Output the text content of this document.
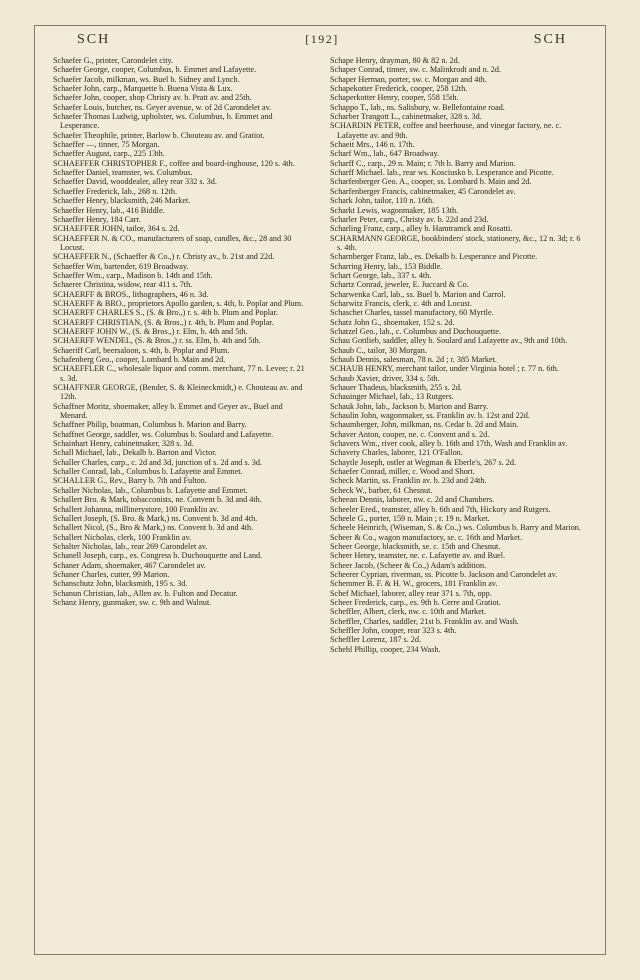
SCH	[192]	SCH

Schaefer G., printer, Carondelet city.

Schaefer George, cooper, Columbus, b. Emmet and Lafayette.

Schaefer Jacob, milkman, ws. Buel b. Sidney and Lynch.

Schaefer John, carp., Marquette b. Buena Vista & Lux.

Schaefer John, cooper, shop Christy av. b. Pratt av. and 25th.

Schaefer Louis, butcher, ns. Geyer avenue, w. of 2d Carondelet av.

Schaefer Thomas Ludwig, upholster, ws. Columbus, b. Emmet and Lesperance.

Schaefer Theophile, printer, Barlow b. Chouteau av. and Gratiot.

Schaeffer —, tinner, 75 Morgan.

Schaeffer August, carp., 225 13th.

SCHAEFFER CHRISTOPHER F., coffee and board-inghouse, 120 s. 4th.

Schaeffer Daniel, teamster, ws. Columbus.

Schaeffer David, wooddealer, alley rear 332 s. 3d.

Schaeffer Frederick, lab., 268 n. 12th.

Schaeffer Henry, blacksmith, 246 Market.

Schaeffer Henry, lab., 416 Biddle.

Schaeffer Henry, 184 Carr.

SCHAEFFER JOHN, tailor, 364 s. 2d.

SCHAEFFER N. & CO., manufacturers of soap, candles, &c., 28 and 30 Locust.

SCHAEFFER N., (Schaeffer & Co.,) r. Christy av., b. 21st and 22d.

Schaeffer Wm, bartender, 619 Broadway.

Schaeffer Wm., carp., Madison b. 14th and 15th.

Schaerer Christina, widow, rear 411 s. 7th.

SCHAERFF & BROS., lithographers, 46 n. 3d.

SCHAERFF & BRO., proprietors Apollo garden, s. 4th, b. Poplar and Plum.

SCHAERFF CHARLES S., (S. & Bro.,) r. s. 4th b. Plum and Poplar.

SCHAERFF CHRISTIAN, (S. & Bros.,) r. 4th, b. Plum and Poplar.

SCHAERFF JOHN W., (S. & Bros.,) r. Elm, b. 4th and 5th.

SCHAERFF WENDEL, (S. & Bros.,) r. ss. Elm, b. 4th and 5th.

Schaeriff Carl, beersaloon, s. 4th, b. Poplar and Plum.

Schafenberg Geo., cooper, Lombard b. Main and 2d.

SCHAEFFLER C., wholesale liquor and comm. merchant, 77 n. Levee; r. 21 s. 3d.

SCHAFFNER GEORGE, (Bender, S. & Kleineckmidt,) e. Chouteau av. and 12th.

Schaffner Moritz, shoemaker, alley b. Emmet and Geyer av., Buel and Menard.

Schaffner Philip, boatman, Columbus b. Marion and Barry.

Schaffnet George, saddler, ws. Columbus b. Soulard and Lafayette.

Schainhart Henry, cabinetmaker, 328 s. 3d.

Schall Michael, lab., Dekalb b. Barton and Victor.

Schaller Charles, carp., c. 2d and 3d, junction of s. 2d and s. 3d.

Schaller Conrad, lab., Columbus b. Lafayette and Emmet.

SCHALLER G., Rev., Barry b. 7th and Fulton.

Schaller Nicholas, lab., Columbus b. Lafayette and Emmet.

Schallert Bro. & Mark, tobacconists, ne. Convent b. 3d and 4th.

Schallert Johanna, millinerystore, 100 Franklin av.

Schallert Joseph, (S. Bro. & Mark,) ns. Convent b. 3d and 4th.

Schallert Nicol, (S., Bro & Mark,) ns. Convent b. 3d and 4th.

Schallert Nicholas, clerk, 100 Franklin av.

Schalter Nicholas, lab., rear 269 Carondelet av.

Schanell Joseph, carp., es. Congress b. Duchouquette and Land.

Schaner Adam, shoemaker, 467 Carondelet av.

Schaner Charles, cutter, 99 Marion.

Schanschutz John, blacksmith, 195 s. 3d.

Schanun Christian, lab., Allen av. b. Fulton and Decatur.

Schanz Henry, gunmaker, sw. c. 9th and Walnut.

Schape Henry, drayman, 80 & 82 n. 2d.

Schaper Conrad, tinner, sw. c. Malinkrodt and n. 2d.

Schaper Herman, porter, sw. c. Morgan and 4th.

Schapekotter Frederick, cooper, 258 12th.

Schaperkotter Henry, cooper, 558 15th.

Schappo T., lab., ns. Salisbury, w. Bellefontaine road.

Scharber Trangott L., cabinetmaker, 328 s. 3d.

SCHARDIN PETER, coffee and beerhouse, and vinegar factory, ne. c. Lafayette av. and 9th.

Schaeit Mrs., 146 n. 17th.

Scharf Wm., lab., 647 Broadway.

Scharff C., carp., 29 n. Main; r. 7th b. Barry and Marion.

Scharff Michael. lab., rear ws. Kosciusko b. Lesperance and Picotte.

Scharfenberger Geo. A., cooper, ss. Lombard b. Main and 2d.

Scharfenberger Francis, cabinetmaker, 45 Carondelet av.

Schark John, tailor, 110 n. 16th.

Scharkt Lewis, wagonmaker, 185 13th.

Scharler Peter, carp., Christy av. b. 22d and 23d.

Scharling Franz, carp., alley b. Hamtramck and Rosatti.

SCHARMANN GEORGE, bookbinders' stock, stationery, &c., 12 n. 3d; r. 6 s. 4th.

Scharnberger Franz, lab., es. Dekalb b. Lesperance and Picotte.

Scharring Henry, lab., 153 Biddle.

Schart George, lab., 337 s. 4th.

Schartz Conrad, jeweler, E. Juccard & Co.

Scharwenka Carl, lab., ss. Buel b. Marion and Carrol.

Scharwitz Francis, clerk, c. 4th and Locust.

Schaschet Charles, tassel manufactory, 60 Myrtle.

Schatz John G., shoemaker, 152 s. 2d.

Schatzel Geo., lab., c. Columbus and Duchouquette.

Schau Gottlieb, saddler, alley b. Soulard and Lafayette av., 9th and 10th.

Schaub C., tailor, 30 Morgan.

Schaub Dennis, salesman, 78 n. 2d ; r. 385 Market.

SCHAUB HENRY, merchant tailor, under Virginia hotel ; r. 77 n. 6th.

Schaub Xavier, driver, 334 s. 5th.

Schauer Thadeus, blacksmith, 255 s. 2d.

Schauinger Michael, lab., 13 Rutgers.

Schauk John, lab., Jackson b. Marion and Barry.

Schaulin John, wagonmaker, ss. Franklin av. b. 12st and 22d.

Schaumberger, John, milkman, ns. Cedar b. 2d and Main.

Schaver Anton, cooper, ne. c. Convent and s. 2d.

Schavers Wm., river cook, alley b. 16th and 17th, Wash and Franklin av.

Schavety Charles, laborer, 121 O'Fallon.

Schaytle Joseph, ostler at Wegman & Eberle's, 267 s. 2d.

Schaefer Conrad, miller, c. Wood and Short.

Scheck Martin, ss. Franklin av. b. 23d and 24th.

Scheck W., barber, 61 Chesnut.

Scheean Dennis, laborer, nw. c. 2d and Chambers.

Scheeler Ered., teamster, alley b. 6th and 7th, Hickory and Rutgers.

Scheele G., porter, 159 n. Main ; r. 19 n. Market.

Scheele Heinrich, (Wiseman, S. & Co.,) ws. Columbus b. Barry and Marion.

Scheer & Co., wagon manufactory, se. c. 16th and Market.

Scheer George, blacksmith, se. c. 15th and Chesnut.

Scheer Henry, teamster, ne. c. Lafayette av. and Buel.

Scheer Jacob, (Scheer & Co.,) Adam's addition.

Scheerer Cyprian, riverman, ss. Picotte b. Jackson and Carondelet av.

Schemmer B. F. & H. W., grocers, 181 Franklin av.

Schef Michael, laborer, alley rear 371 s. 7th, opp.

Scheer Frederick, carp., es. 9th b. Cerre and Gratiot.

Scheffler, Albert, clerk, nw. c. 10th and Market.

Scheffler, Charles, saddler, 21st b. Franklin av. and Wash.

Scheffler John, cooper, rear 323 s. 4th.

Scheffler Lorenz, 187 s. 2d.

Schehl Phillip, cooper, 234 Wash.
